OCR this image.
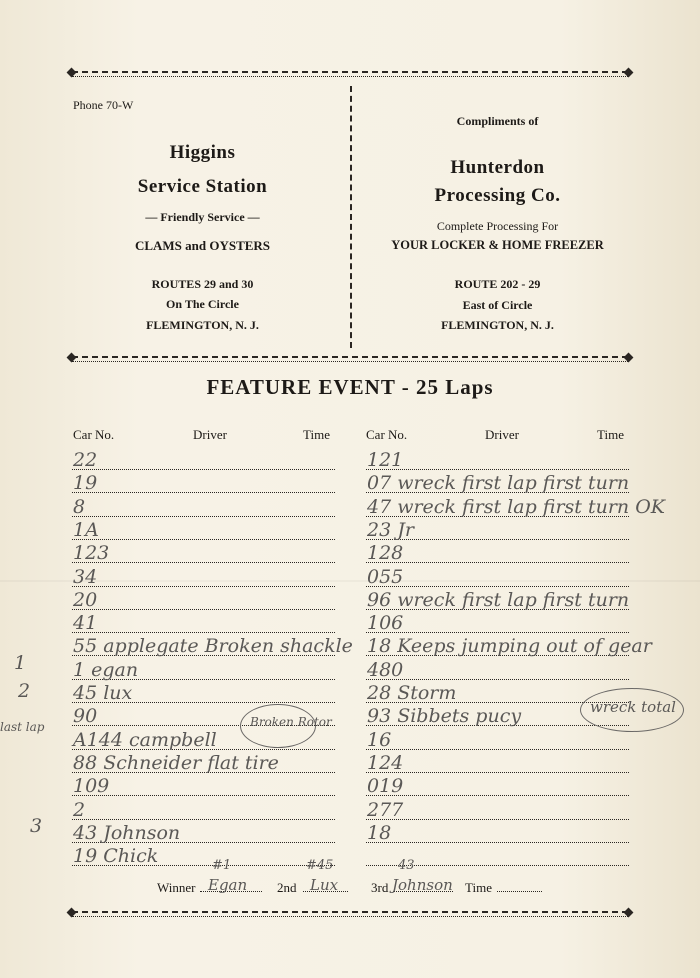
Phone 70-W
Higgins
Service Station
— Friendly Service —
CLAMS and OYSTERS
ROUTES 29 and 30
On The Circle
FLEMINGTON, N. J.
Compliments of
Hunterdon
Processing Co.
Complete Processing For
YOUR LOCKER & HOME FREEZER
ROUTE 202 - 29
East of Circle
FLEMINGTON, N. J.
FEATURE EVENT - 25 Laps
Car No.	Driver	Time	Car No.	Driver	Time
22
19
8
1A
123
34
20
41
55 applegate Broken shackle
1 egan
45 lux
90
A144 campbell
88 Schneider flat tire
109
2
43 Johnson
19 Chick
121
07 wreck first lap first turn
47 wreck first lap first turn OK
23 Jr
128
055
96 wreck first lap first turn
106
18 Keeps jumping out of gear
480
28 Storm
93 Sibbets pucy
16
124
019
277
18
1
2
last lap
3
Broken Rotor
wreck total
Winner Egan
#1
2nd Lux
#45
3rd Johnson
43
Time
